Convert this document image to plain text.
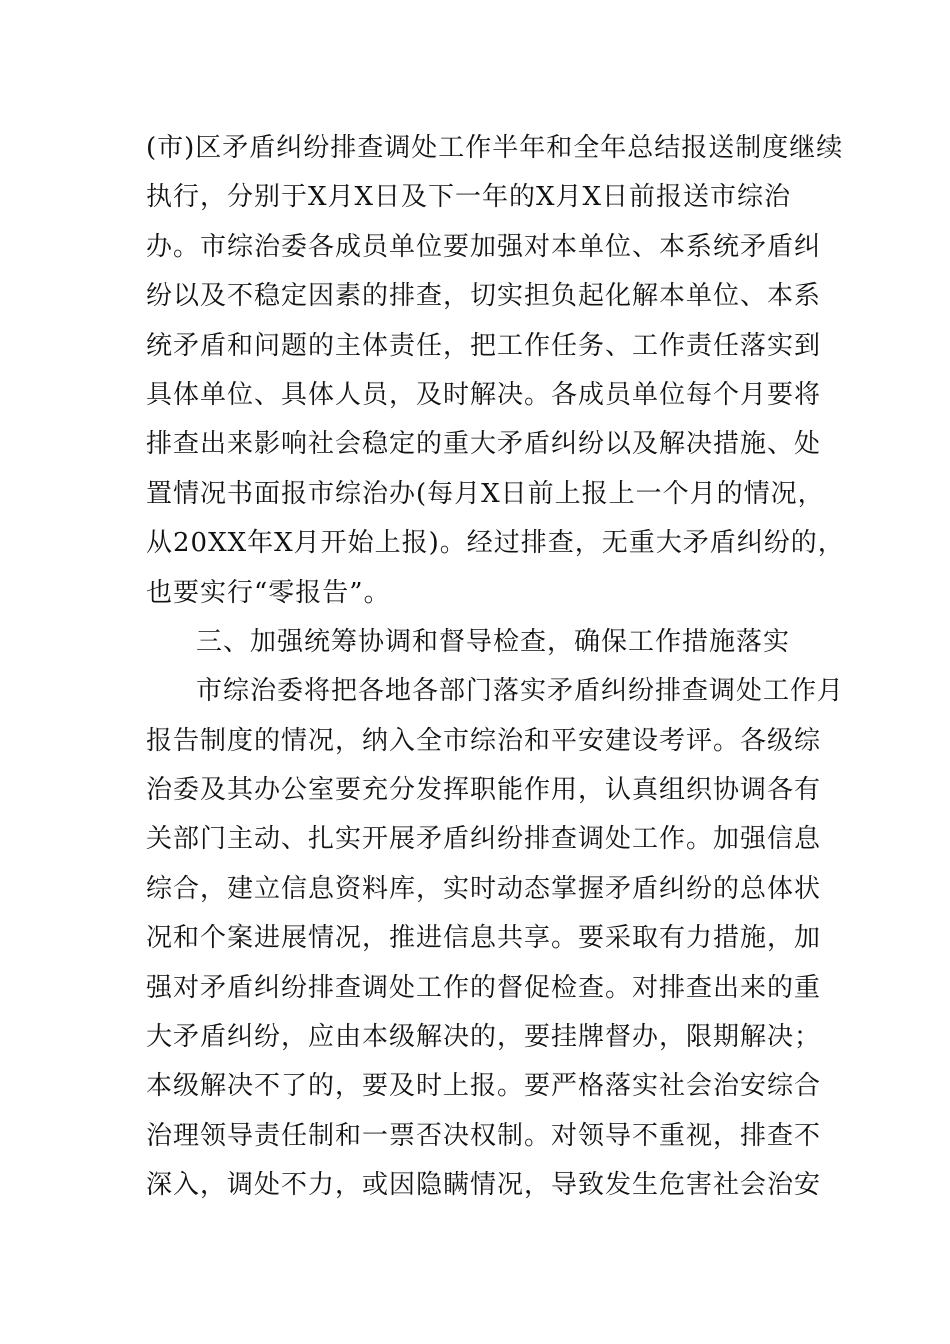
(市)区矛盾纠纷排查调处工作半年和全年总结报送制度继续
执行，分别于X月X日及下一年的X月X日前报送市综治
办。市综治委各成员单位要加强对本单位、本系统矛盾纠
纷以及不稳定因素的排查，切实担负起化解本单位、本系
统矛盾和问题的主体责任，把工作任务、工作责任落实到
具体单位、具体人员，及时解决。各成员单位每个月要将
排查出来影响社会稳定的重大矛盾纠纷以及解决措施、处
置情况书面报市综治办(每月X日前上报上一个月的情况，
从20XX年X月开始上报)。经过排查，无重大矛盾纠纷的，
也要实行“零报告”。
三、加强统筹协调和督导检查，确保工作措施落实
市综治委将把各地各部门落实矛盾纠纷排查调处工作月
报告制度的情况，纳入全市综治和平安建设考评。各级综
治委及其办公室要充分发挥职能作用，认真组织协调各有
关部门主动、扎实开展矛盾纠纷排查调处工作。加强信息
综合，建立信息资料库，实时动态掌握矛盾纠纷的总体状
况和个案进展情况，推进信息共享。要采取有力措施，加
强对矛盾纠纷排查调处工作的督促检查。对排查出来的重
大矛盾纠纷，应由本级解决的，要挂牌督办，限期解决；
本级解决不了的，要及时上报。要严格落实社会治安综合
治理领导责任制和一票否决权制。对领导不重视，排查不
深入，调处不力，或因隐瞒情况，导致发生危害社会治安
